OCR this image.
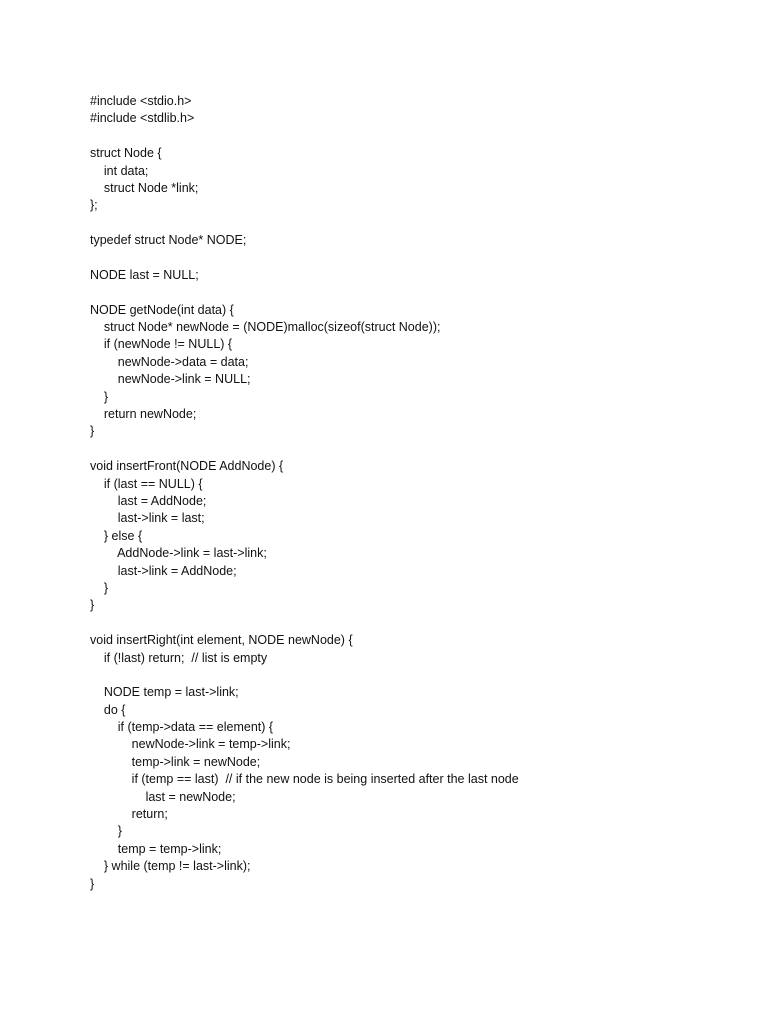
#include <stdio.h>
#include <stdlib.h>
struct Node {
int data;
struct Node *link;
};
typedef struct Node* NODE;
NODE last = NULL;
NODE getNode(int data) {
struct Node* newNode = (NODE)malloc(sizeof(struct Node));
if (newNode != NULL) {
newNode->data = data;
newNode->link = NULL;
}
return newNode;
}
void insertFront(NODE AddNode) {
if (last == NULL) {
last = AddNode;
last->link = last;
} else {
AddNode->link = last->link;
last->link = AddNode;
}
}
void insertRight(int element, NODE newNode) {
if (!last) return;  // list is empty
NODE temp = last->link;
do {
if (temp->data == element) {
newNode->link = temp->link;
temp->link = newNode;
if (temp == last)  // if the new node is being inserted after the last node
last = newNode;
return;
}
temp = temp->link;
} while (temp != last->link);
}
